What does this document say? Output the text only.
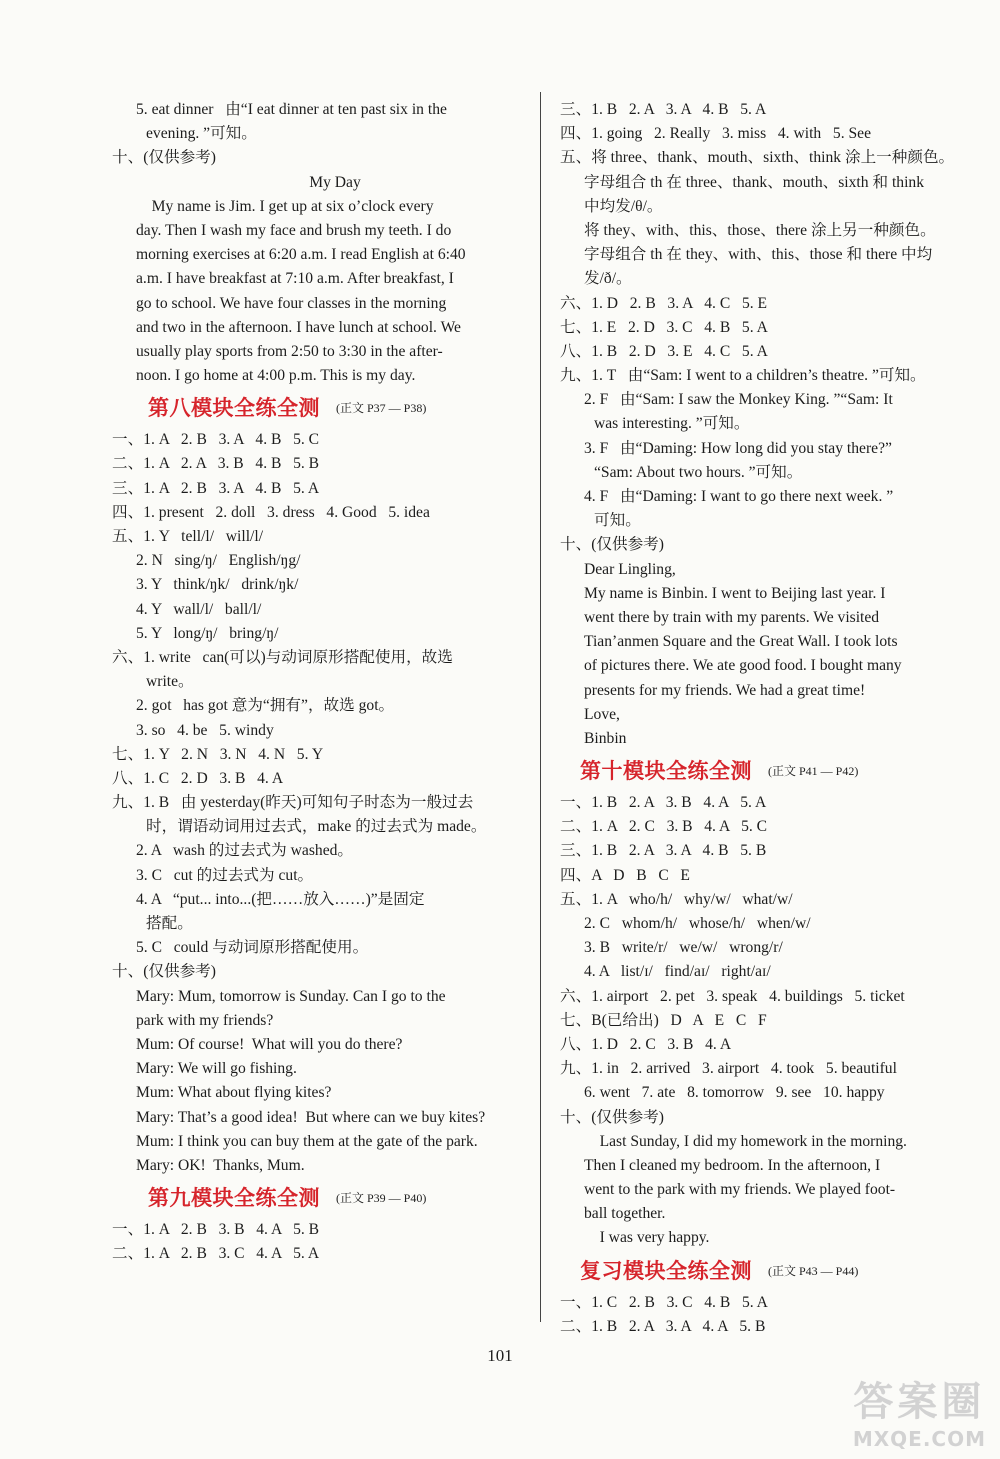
5. eat dinner   由“I eat dinner at ten past six in the
evening. ”可知。
十、(仅供参考)
My Day
My name is Jim. I get up at six o’clock every
day. Then I wash my face and brush my teeth. I do
morning exercises at 6:20 a.m. I read English at 6:40
a.m. I have breakfast at 7:10 a.m. After breakfast, I
go to school. We have four classes in the morning
and two in the afternoon. I have lunch at school. We
usually play sports from 2:50 to 3:30 in the after-
noon. I go home at 4:00 p.m. This is my day.
第八模块全练全测 (正文 P37 — P38)
一、1. A   2. B   3. A   4. B   5. C
二、1. A   2. A   3. B   4. B   5. B
三、1. A   2. B   3. A   4. B   5. A
四、1. present   2. doll   3. dress   4. Good   5. idea
五、1. Y   tell/l/   will/l/
2. N   sing/ŋ/   English/ŋg/
3. Y   think/ŋk/   drink/ŋk/
4. Y   wall/l/   ball/l/
5. Y   long/ŋ/   bring/ŋ/
六、1. write   can(可以)与动词原形搭配使用，故选
write。
2. got   has got 意为“拥有”，故选 got。
3. so   4. be   5. windy
七、1. Y   2. N   3. N   4. N   5. Y
八、1. C   2. D   3. B   4. A
九、1. B   由 yesterday(昨天)可知句子时态为一般过去
时，谓语动词用过去式，make 的过去式为 made。
2. A   wash 的过去式为 washed。
3. C   cut 的过去式为 cut。
4. A   “put... into...(把……放入……)”是固定
搭配。
5. C   could 与动词原形搭配使用。
十、(仅供参考)
Mary: Mum, tomorrow is Sunday. Can I go to the
park with my friends?
Mum: Of course!  What will you do there?
Mary: We will go fishing.
Mum: What about flying kites?
Mary: That’s a good idea!  But where can we buy kites?
Mum: I think you can buy them at the gate of the park.
Mary: OK!  Thanks, Mum.
第九模块全练全测 (正文 P39 — P40)
一、1. A   2. B   3. B   4. A   5. B
二、1. A   2. B   3. C   4. A   5. A
三、1. B   2. A   3. A   4. B   5. A
四、1. going   2. Really   3. miss   4. with   5. See
五、将 three、thank、mouth、sixth、think 涂上一种颜色。
字母组合 th 在 three、thank、mouth、sixth 和 think
中均发/θ/。
将 they、with、this、those、there 涂上另一种颜色。
字母组合 th 在 they、with、this、those 和 there 中均
发/ð/。
六、1. D   2. B   3. A   4. C   5. E
七、1. E   2. D   3. C   4. B   5. A
八、1. B   2. D   3. E   4. C   5. A
九、1. T   由“Sam: I went to a children’s theatre. ”可知。
2. F   由“Sam: I saw the Monkey King. ”“Sam: It
was interesting. ”可知。
3. F   由“Daming: How long did you stay there?”
“Sam: About two hours. ”可知。
4. F   由“Daming: I want to go there next week. ”
可知。
十、(仅供参考)
Dear Lingling,
My name is Binbin. I went to Beijing last year. I
went there by train with my parents. We visited
Tian’anmen Square and the Great Wall. I took lots
of pictures there. We ate good food. I bought many
presents for my friends. We had a great time!
Love,
Binbin
第十模块全练全测 (正文 P41 — P42)
一、1. B   2. A   3. B   4. A   5. A
二、1. A   2. C   3. B   4. A   5. C
三、1. B   2. A   3. A   4. B   5. B
四、A   D   B   C   E
五、1. A   who/h/   why/w/   what/w/
2. C   whom/h/   whose/h/   when/w/
3. B   write/r/   we/w/   wrong/r/
4. A   list/ɪ/   find/aɪ/   right/aɪ/
六、1. airport   2. pet   3. speak   4. buildings   5. ticket
七、B(已给出)   D   A   E   C   F
八、1. D   2. C   3. B   4. A
九、1. in   2. arrived   3. airport   4. took   5. beautiful
6. went   7. ate   8. tomorrow   9. see   10. happy
十、(仅供参考)
Last Sunday, I did my homework in the morning.
Then I cleaned my bedroom. In the afternoon, I
went to the park with my friends. We played foot-
ball together.
I was very happy.
复习模块全练全测 (正文 P43 — P44)
一、1. C   2. B   3. C   4. B   5. A
二、1. B   2. A   3. A   4. A   5. B
101
答案圈
MXQE.COM
